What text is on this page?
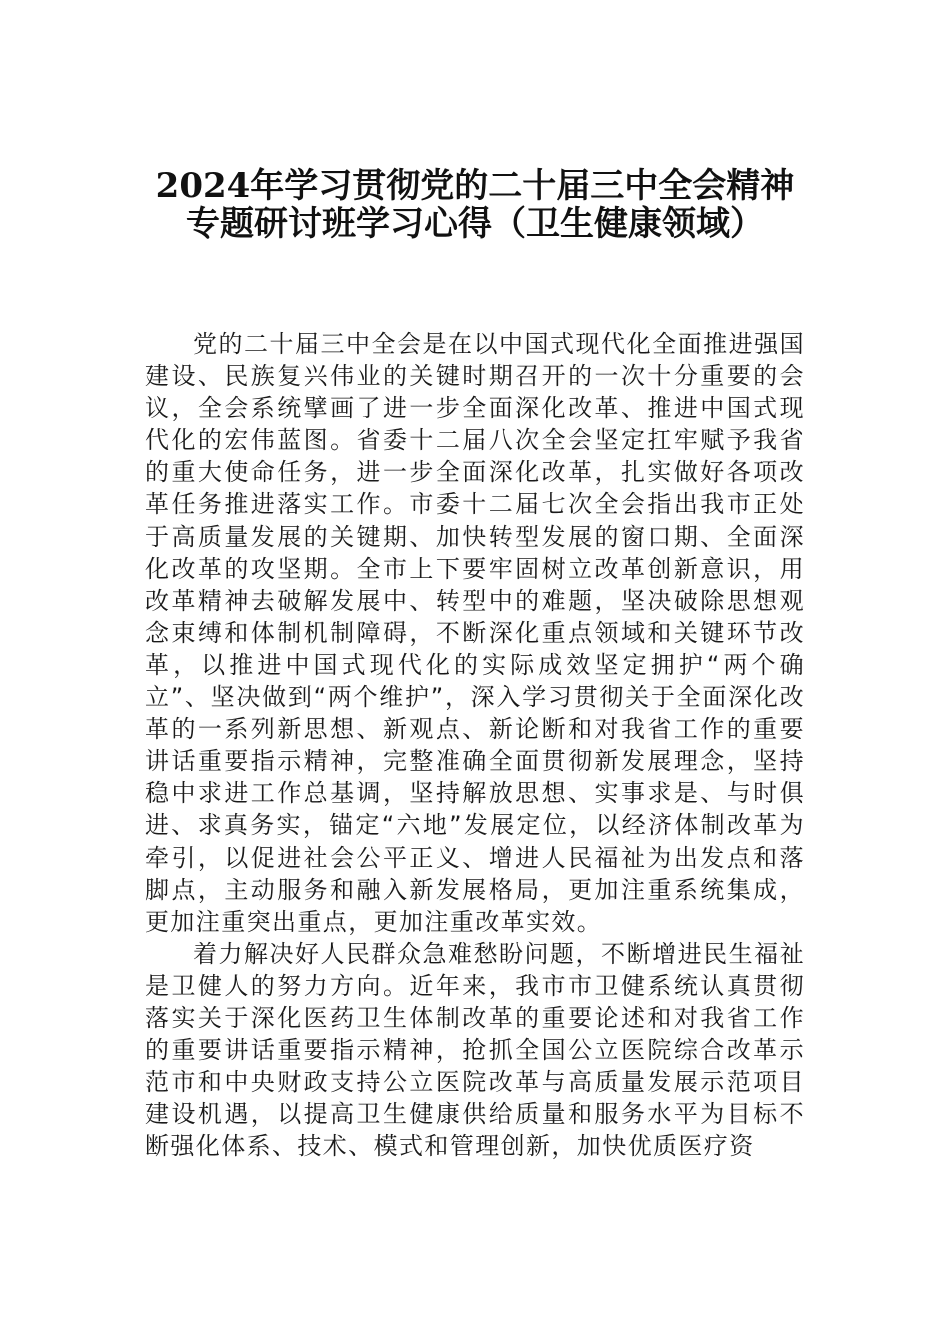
2024年学习贯彻党的二十届三中全会精神
专题研讨班学习心得（卫生健康领域）

党的二十届三中全会是在以中国式现代化全面推进强国建设、民族复兴伟业的关键时期召开的一次十分重要的会议，全会系统擘画了进一步全面深化改革、推进中国式现代化的宏伟蓝图。省委十二届八次全会坚定扛牢赋予我省的重大使命任务，进一步全面深化改革，扎实做好各项改革任务推进落实工作。市委十二届七次全会指出我市正处于高质量发展的关键期、加快转型发展的窗口期、全面深化改革的攻坚期。全市上下要牢固树立改革创新意识，用改革精神去破解发展中、转型中的难题，坚决破除思想观念束缚和体制机制障碍，不断深化重点领域和关键环节改革，以推进中国式现代化的实际成效坚定拥护“两个确立”、坚决做到“两个维护”，深入学习贯彻关于全面深化改革的一系列新思想、新观点、新论断和对我省工作的重要讲话重要指示精神，完整准确全面贯彻新发展理念，坚持稳中求进工作总基调，坚持解放思想、实事求是、与时俱进、求真务实，锚定“六地”发展定位，以经济体制改革为牵引，以促进社会公平正义、增进人民福祉为出发点和落脚点，主动服务和融入新发展格局，更加注重系统集成，更加注重突出重点，更加注重改革实效。

着力解决好人民群众急难愁盼问题，不断增进民生福祉是卫健人的努力方向。近年来，我市市卫健系统认真贯彻落实关于深化医药卫生体制改革的重要论述和对我省工作的重要讲话重要指示精神，抢抓全国公立医院综合改革示范市和中央财政支持公立医院改革与高质量发展示范项目建设机遇，以提高卫生健康供给质量和服务水平为目标不断强化体系、技术、模式和管理创新，加快优质医疗资
